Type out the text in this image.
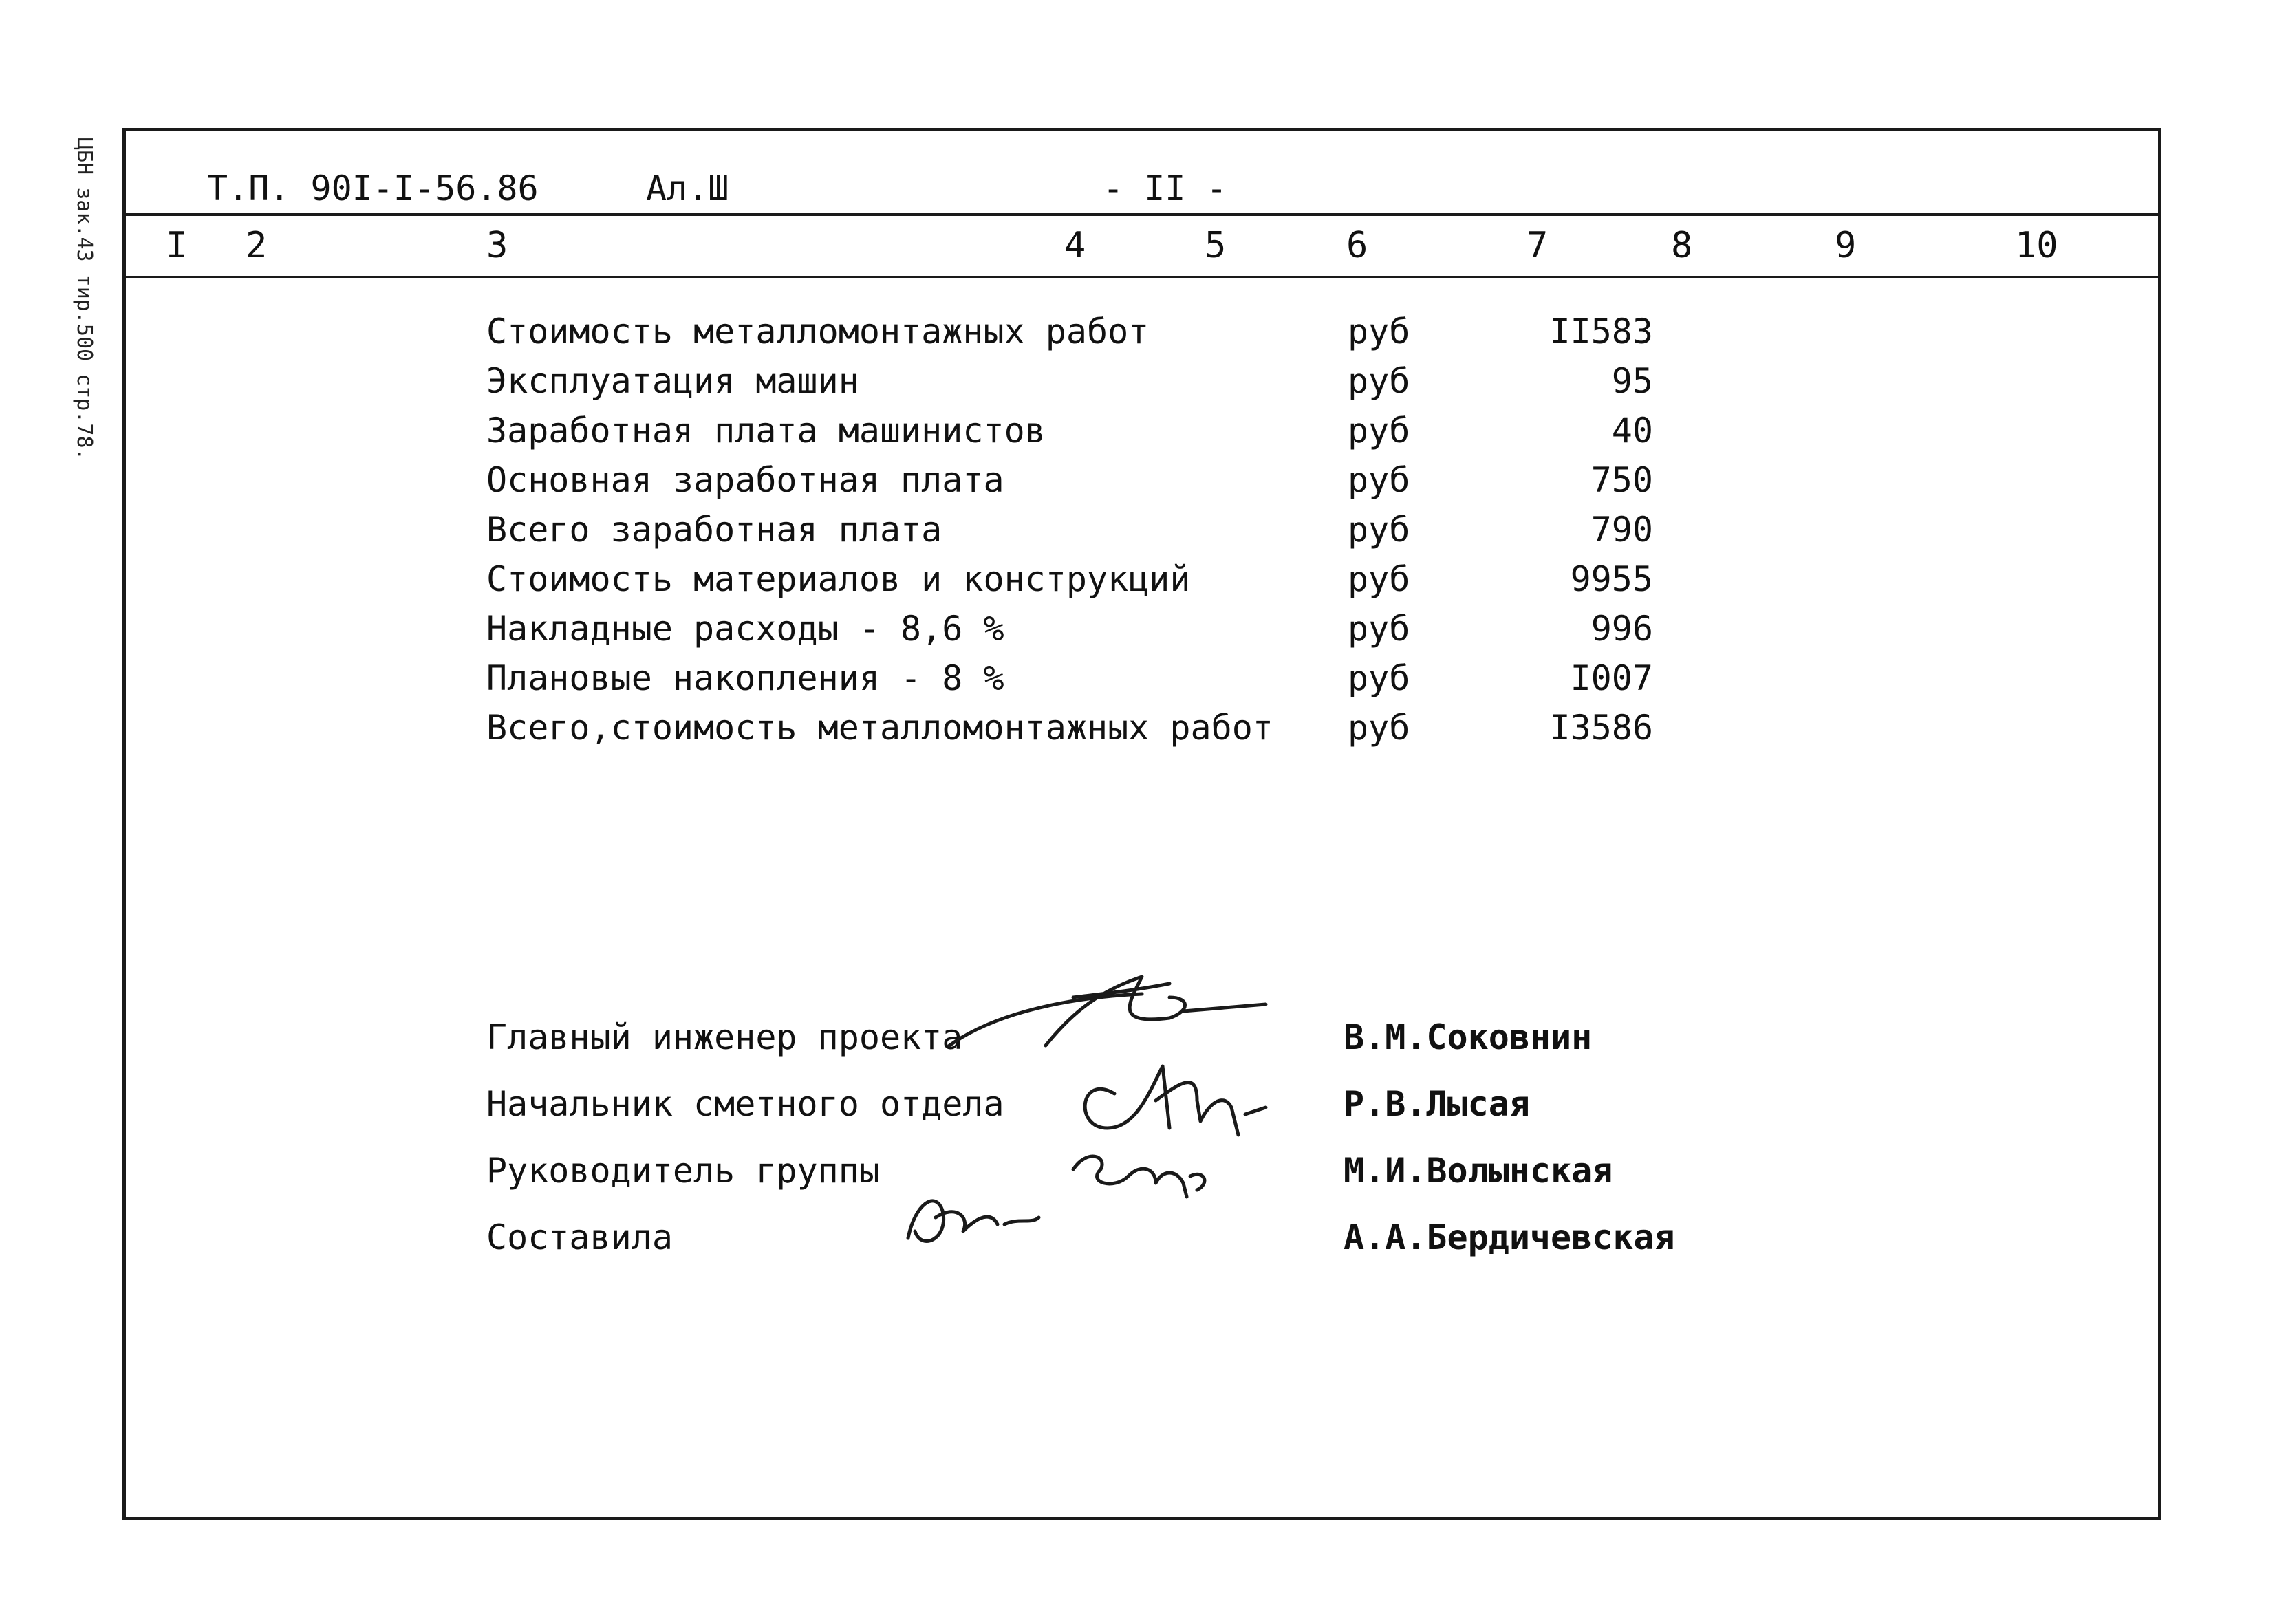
ЦБН зак.43 тир.500 стр.78.	Т.П. 90I-I-56.86	Ал.Ш	- II -
I 2	3	4	5	6	7	8	9	10
Стоимость металломонтажных работ	руб	II583
Эксплуатация машин	руб	95
Заработная плата машинистов	руб	40
Основная заработная плата	руб	750
Всего заработная плата	руб	790
Стоимость материалов и конструкций	руб	9955
Накладные расходы - 8,6 %	руб	996
Плановые накопления - 8 %	руб	I007
Всего,стоимость металломонтажных работ руб	I3586
Главный инженер проекта	В.М.Соковнин
Начальник сметного отдела	Р.В.Лысая
Руководитель группы	М.И.Волынская
Составила	А.А.Бердичевская
